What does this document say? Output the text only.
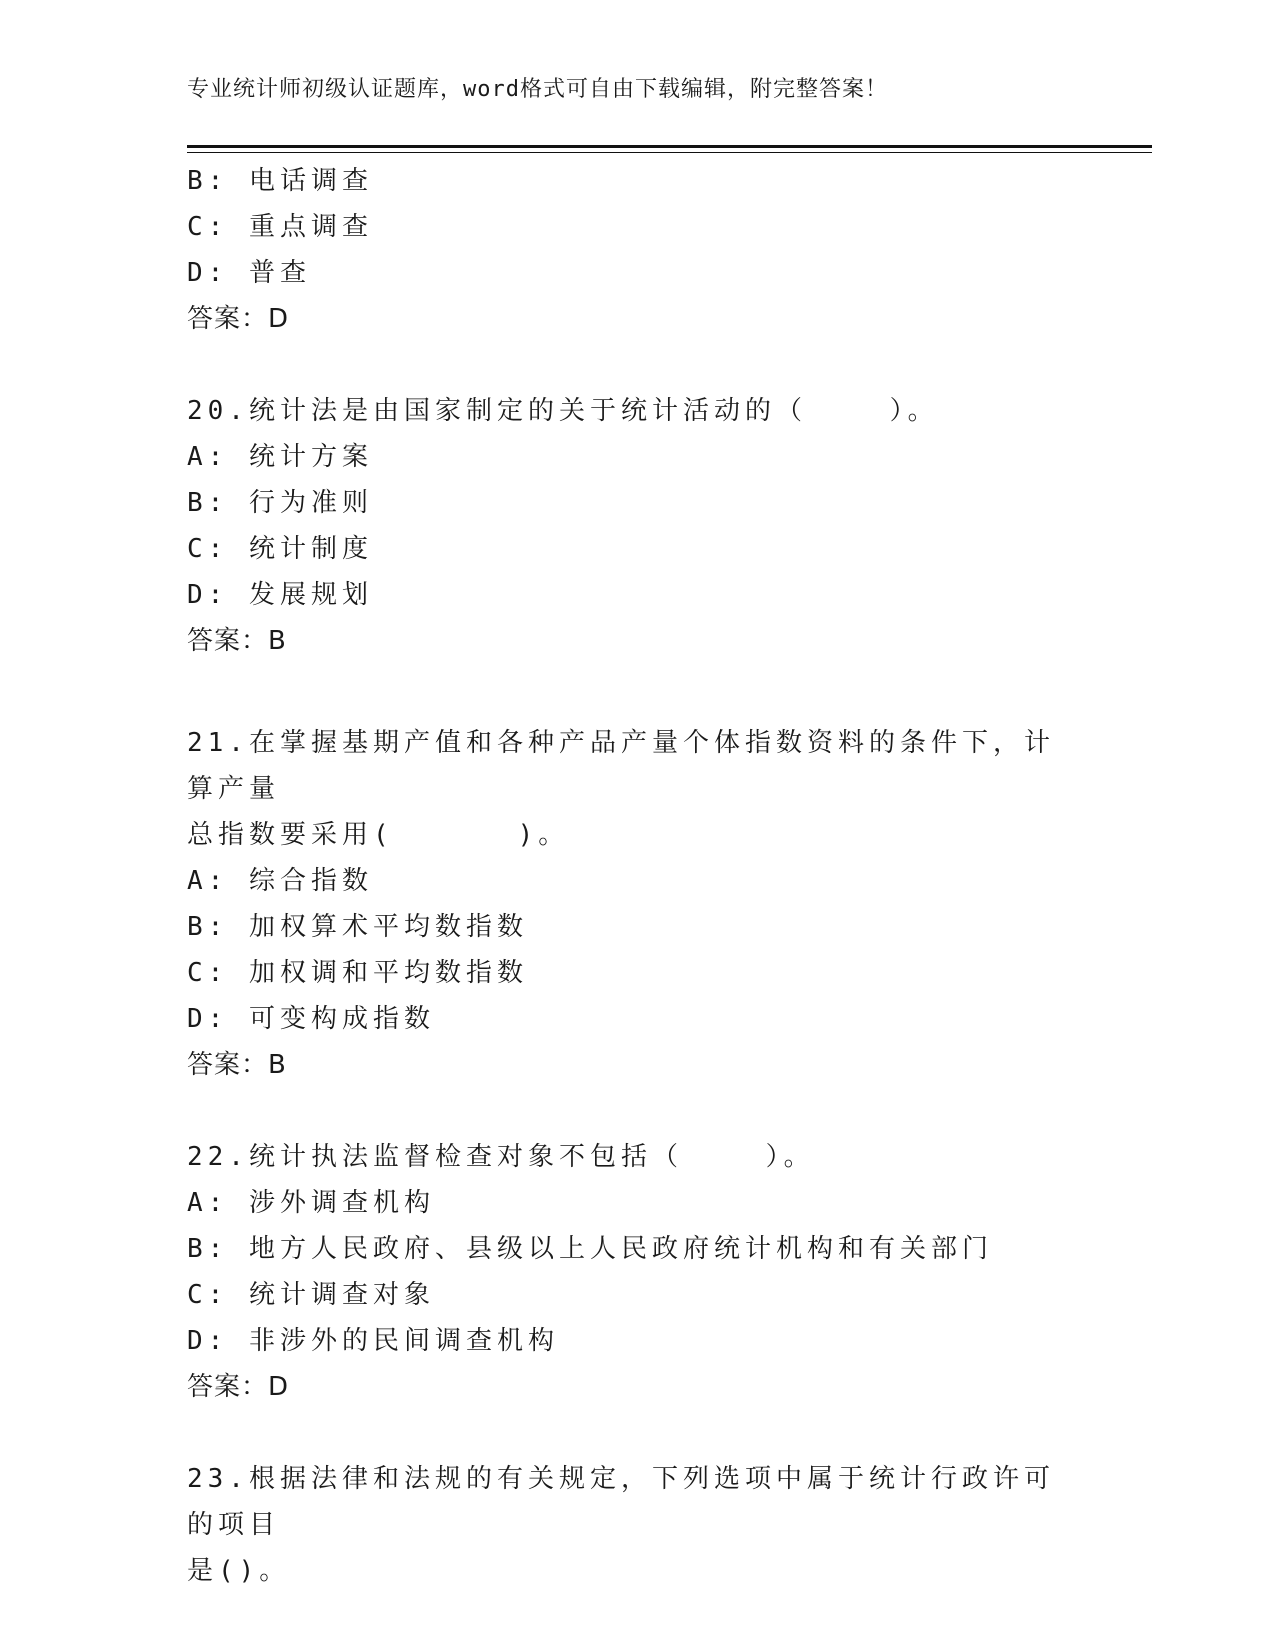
专业统计师初级认证题库，word格式可自由下载编辑，附完整答案！
B: 电话调查
C: 重点调查
D: 普查
答案：D
20.统计法是由国家制定的关于统计活动的（    ）。
A: 统计方案
B: 行为准则
C: 统计制度
D: 发展规划
答案：B
21.在掌握基期产值和各种产品产量个体指数资料的条件下，计算产量
总指数要采用(      )。
A: 综合指数
B: 加权算术平均数指数
C: 加权调和平均数指数
D: 可变构成指数
答案：B
22.统计执法监督检查对象不包括（    ）。
A: 涉外调查机构
B: 地方人民政府、县级以上人民政府统计机构和有关部门
C: 统计调查对象
D: 非涉外的民间调查机构
答案：D
23.根据法律和法规的有关规定，下列选项中属于统计行政许可的项目
是()。
